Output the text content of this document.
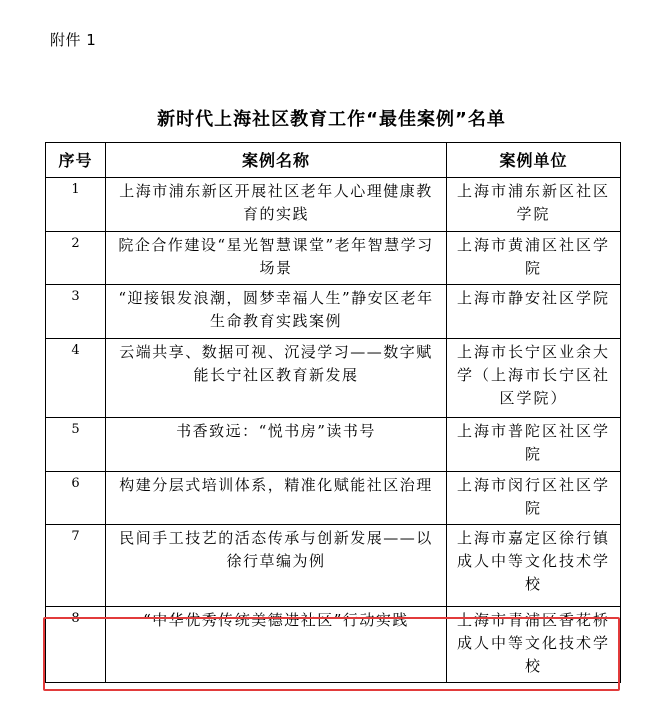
附件 1
新时代上海社区教育工作“最佳案例”名单
序号	案例名称	案例单位
1	上海市浦东新区开展社区老年人心理健康教育的实践	上海市浦东新区社区学院
2	院企合作建设“星光智慧课堂”老年智慧学习场景	上海市黄浦区社区学院
3	“迎接银发浪潮，圆梦幸福人生”静安区老年生命教育实践案例	上海市静安社区学院
4	云端共享、数据可视、沉浸学习——数字赋能长宁社区教育新发展	上海市长宁区业余大学（上海市长宁区社区学院）
5	书香致远：“悦书房”读书号	上海市普陀区社区学院
6	构建分层式培训体系，精准化赋能社区治理	上海市闵行区社区学院
7	民间手工技艺的活态传承与创新发展——以徐行草编为例	上海市嘉定区徐行镇成人中等文化技术学校
8	“中华优秀传统美德进社区”行动实践	上海市青浦区香花桥成人中等文化技术学校
